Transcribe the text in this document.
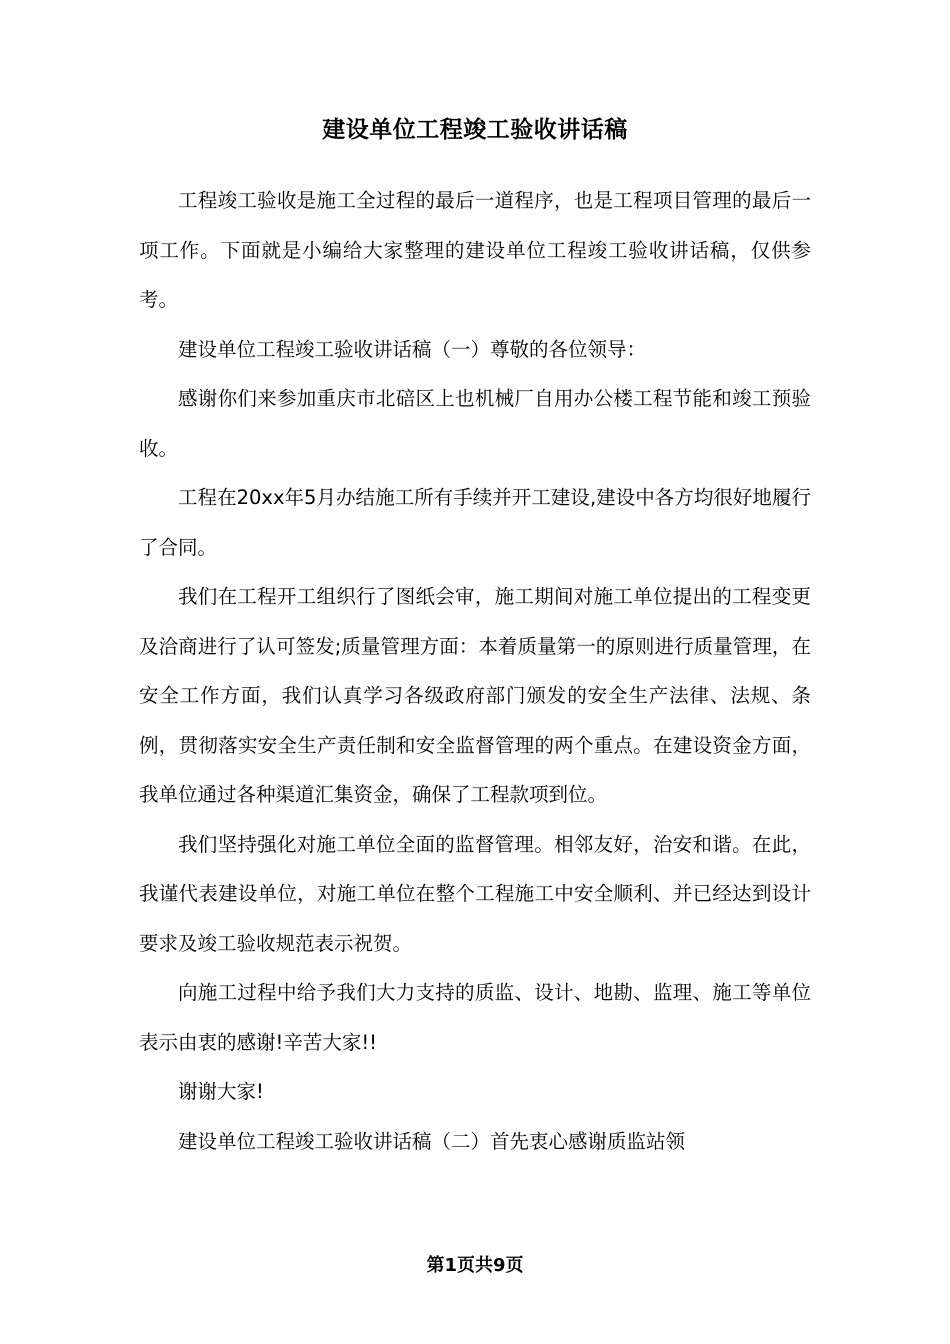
建设单位工程竣工验收讲话稿

工程竣工验收是施工全过程的最后一道程序，也是工程项目管理的最后一项工作。下面就是小编给大家整理的建设单位工程竣工验收讲话稿，仅供参考。

建设单位工程竣工验收讲话稿（一）尊敬的各位领导：

感谢你们来参加重庆市北碚区上也机械厂自用办公楼工程节能和竣工预验收。

工程在20xx年5月办结施工所有手续并开工建设,建设中各方均很好地履行了合同。

我们在工程开工组织行了图纸会审，施工期间对施工单位提出的工程变更及洽商进行了认可签发;质量管理方面：本着质量第一的原则进行质量管理，在安全工作方面，我们认真学习各级政府部门颁发的安全生产法律、法规、条例，贯彻落实安全生产责任制和安全监督管理的两个重点。在建设资金方面，我单位通过各种渠道汇集资金，确保了工程款项到位。

我们坚持强化对施工单位全面的监督管理。相邻友好，治安和谐。在此，我谨代表建设单位，对施工单位在整个工程施工中安全顺利、并已经达到设计要求及竣工验收规范表示祝贺。

向施工过程中给予我们大力支持的质监、设计、地勘、监理、施工等单位表示由衷的感谢!辛苦大家!!

谢谢大家!

建设单位工程竣工验收讲话稿（二）首先衷心感谢质监站领

第1页共9页
